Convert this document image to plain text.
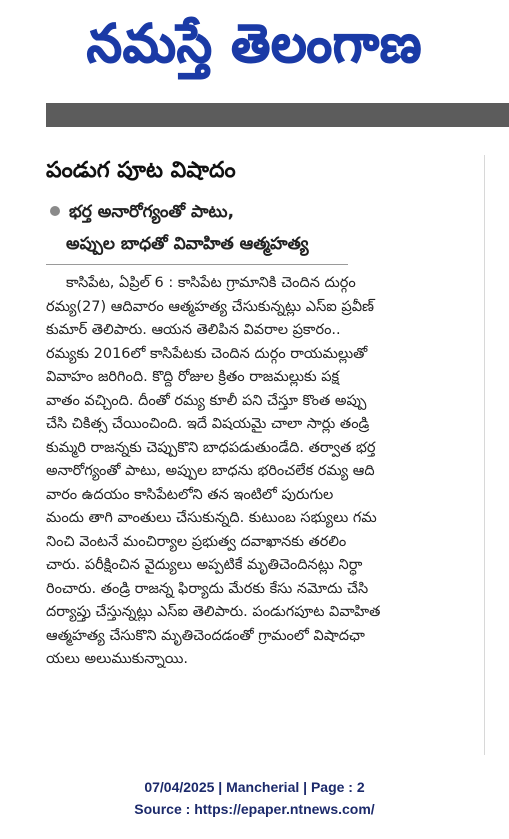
నమస్తే తెలంగాణ
పండుగ పూట విషాదం
భర్త అనారోగ్యంతో పాటు,
అప్పుల బాధతో వివాహిత ఆత్మహత్య
కాసిపేట, ఏప్రిల్ 6 : కాసిపేట గ్రామానికి చెందిన దుర్గం
రమ్య(27) ఆదివారం ఆత్మహత్య చేసుకున్నట్లు ఎస్ఐ ప్రవీణ్
కుమార్ తెలిపారు. ఆయన తెలిపిన వివరాల ప్రకారం..
రమ్యకు 2016లో కాసిపేటకు చెందిన దుర్గం రాయమల్లుతో
వివాహం జరిగింది. కొద్ది రోజుల క్రితం రాజమల్లుకు పక్ష
వాతం వచ్చింది. దీంతో రమ్య కూలీ పని చేస్తూ కొంత అప్పు
చేసి చికిత్స చేయించింది. ఇదే విషయమై చాలా సార్లు తండ్రి
కుమ్మరి రాజన్నకు చెప్పుకొని బాధపడుతుండేది. తర్వాత భర్త
అనారోగ్యంతో పాటు, అప్పుల బాధను భరించలేక రమ్య ఆది
వారం ఉదయం కాసిపేటలోని తన ఇంటిలో పురుగుల
మందు తాగి వాంతులు చేసుకున్నది. కుటుంబ సభ్యులు గమ
నించి వెంటనే మంచిర్యాల ప్రభుత్వ దవాఖానకు తరలిం
చారు. పరీక్షించిన వైద్యులు అప్పటికే మృతిచెందినట్లు నిర్ధా
రించారు. తండ్రి రాజన్న ఫిర్యాదు మేరకు కేసు నమోదు చేసి
దర్యాప్తు చేస్తున్నట్లు ఎస్ఐ తెలిపారు. పండుగపూట వివాహిత
ఆత్మహత్య చేసుకొని మృతిచెందడంతో గ్రామంలో విషాదఛా
యలు అలుముకున్నాయి.
07/04/2025 | Mancherial | Page : 2
Source : https://epaper.ntnews.com/
